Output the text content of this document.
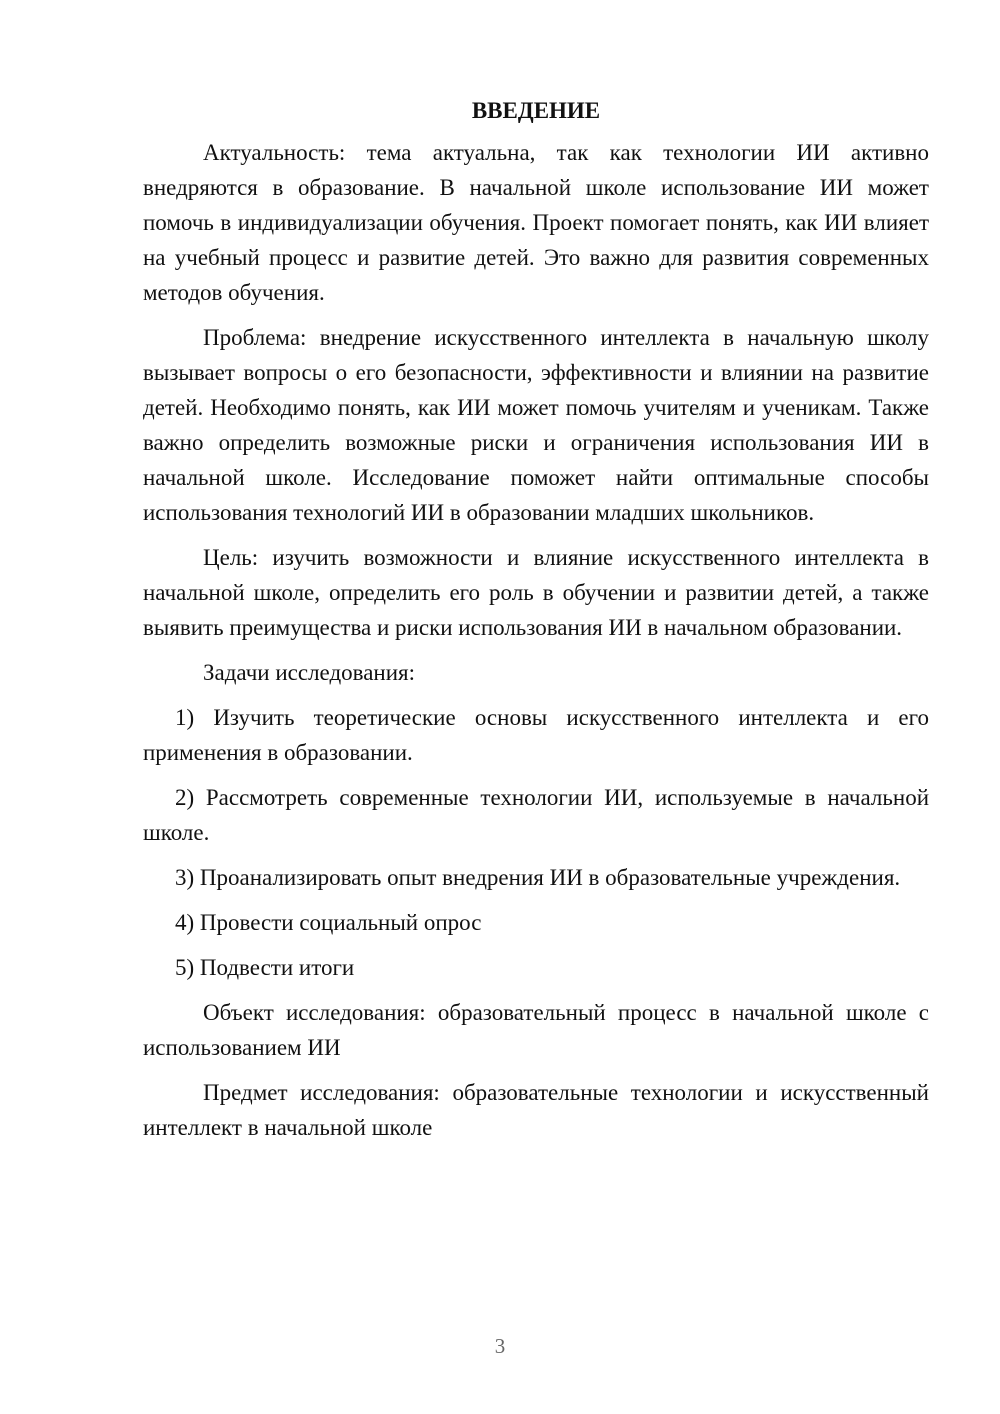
ВВЕДЕНИЕ

Актуальность: тема актуальна, так как технологии ИИ активно внедряются в образование. В начальной школе использование ИИ может помочь в индивидуализации обучения. Проект помогает понять, как ИИ влияет на учебный процесс и развитие детей. Это важно для развития современных методов обучения.

Проблема: внедрение искусственного интеллекта в начальную школу вызывает вопросы о его безопасности, эффективности и влиянии на развитие детей. Необходимо понять, как ИИ может помочь учителям и ученикам. Также важно определить возможные риски и ограничения использования ИИ в начальной школе. Исследование поможет найти оптимальные способы использования технологий ИИ в образовании младших школьников.

Цель: изучить возможности и влияние искусственного интеллекта в начальной школе, определить его роль в обучении и развитии детей, а также выявить преимущества и риски использования ИИ в начальном образовании.

Задачи исследования:

1) Изучить теоретические основы искусственного интеллекта и его применения в образовании.

2) Рассмотреть современные технологии ИИ, используемые в начальной школе.

3) Проанализировать опыт внедрения ИИ в образовательные учреждения.

4) Провести социальный опрос

5) Подвести итоги

Объект исследования: образовательный процесс в начальной школе с использованием ИИ

Предмет исследования: образовательные технологии и искусственный интеллект в начальной школе

3
